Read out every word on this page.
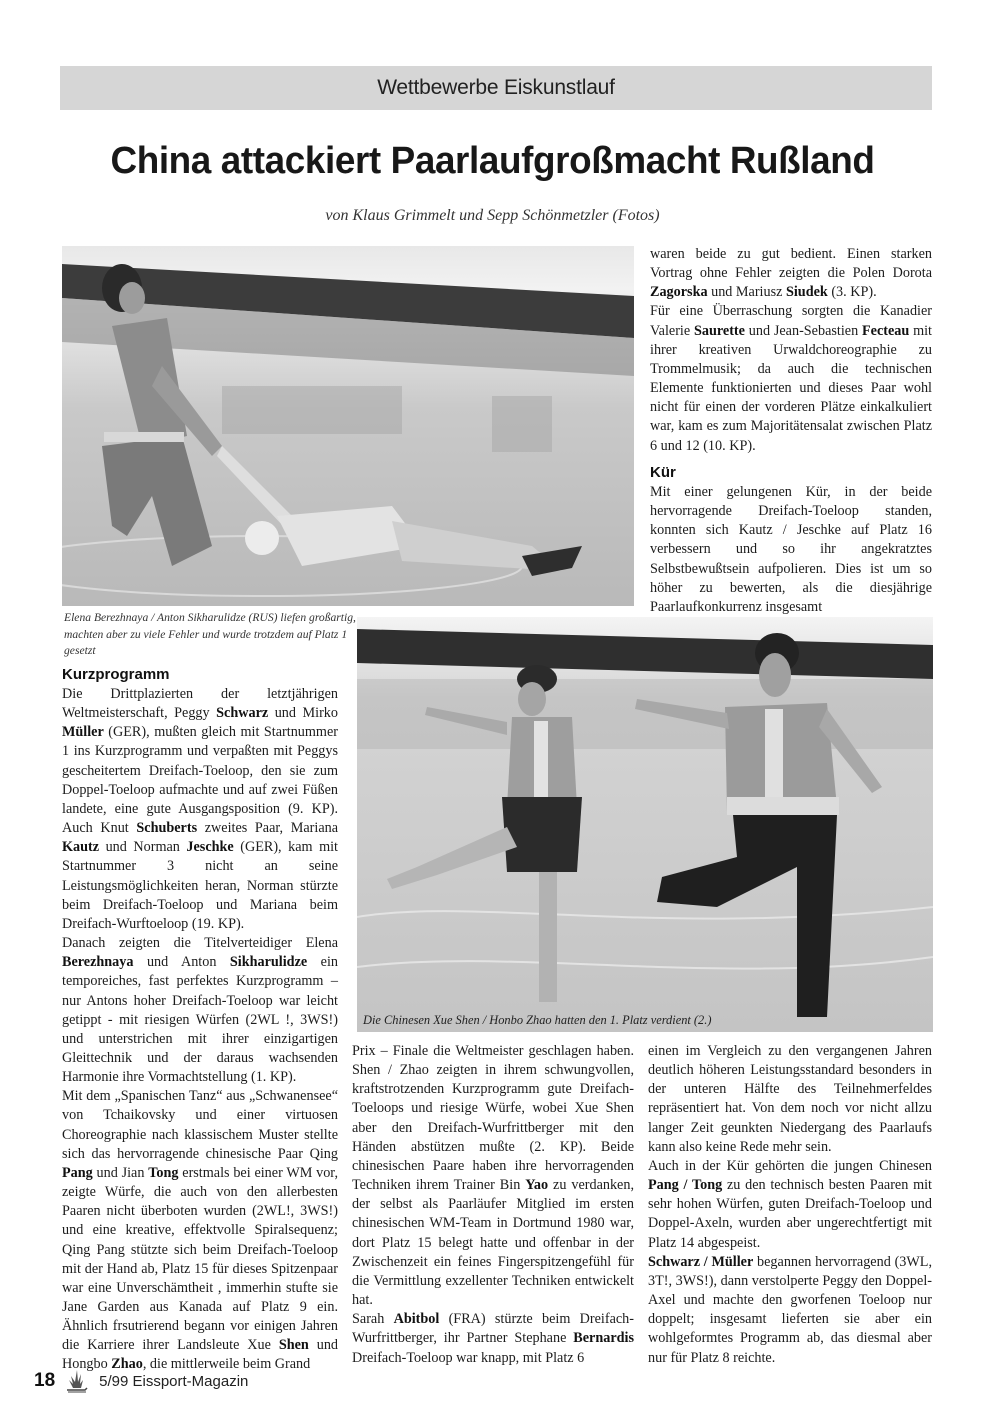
Wettbewerbe Eiskunstlauf
China attackiert Paarlaufgroßmacht Rußland
von Klaus Grimmelt und Sepp Schönmetzler (Fotos)
Elena Berezhnaya / Anton Sikharulidze (RUS) liefen großartig, machten aber zu viele Fehler und wurde trotzdem auf Platz 1 gesetzt
Die Chinesen Xue Shen / Honbo Zhao hatten den 1. Platz verdient (2.)

waren beide zu gut bedient. Einen starken Vortrag ohne Fehler zeigten die Polen Dorota Zagorska und Mariusz Siudek (3. KP).

Für eine Überraschung sorgten die Kanadier Valerie Saurette und Jean-Sebastien Fecteau mit ihrer kreativen Urwaldchoreographie zu Trommelmusik; da auch die technischen Elemente funktionierten und dieses Paar wohl nicht für einen der vorderen Plätze einkalkuliert war, kam es zum Majoritätensalat zwischen Platz 6 und 12 (10. KP).

Kür

Mit einer gelungenen Kür, in der beide hervorragende Dreifach-Toeloop standen, konnten sich Kautz / Jeschke auf Platz 16 verbessern und so ihr angekratztes Selbstbewußtsein aufpolieren. Dies ist um so höher zu bewerten, als die diesjährige Paarlaufkonkurrenz insgesamt

Kurzprogramm

Die Drittplazierten der letztjährigen Weltmeisterschaft, Peggy Schwarz und Mirko Müller (GER), mußten gleich mit Startnummer 1 ins Kurzprogramm und verpaßten mit Peggys gescheitertem Dreifach-Toeloop, den sie zum Doppel-Toeloop aufmachte und auf zwei Füßen landete, eine gute Ausgangsposition (9. KP). Auch Knut Schuberts zweites Paar, Mariana Kautz und Norman Jeschke (GER), kam mit Startnummer 3 nicht an seine Leistungsmöglichkeiten heran, Norman stürzte beim Dreifach-Toeloop und Mariana beim Dreifach-Wurftoeloop (19. KP).

Danach zeigten die Titelverteidiger Elena Berezhnaya und Anton Sikharulidze ein temporeiches, fast perfektes Kurzprogramm – nur Antons hoher Dreifach-Toeloop war leicht getippt - mit riesigen Würfen (2WL !, 3WS!) und unterstrichen mit ihrer einzigartigen Gleittechnik und der daraus wachsenden Harmonie ihre Vormachtstellung (1. KP).

Mit dem „Spanischen Tanz“ aus „Schwanensee“ von Tchaikovsky und einer virtuosen Choreographie nach klassischem Muster stellte sich das hervorragende chinesische Paar Qing Pang und Jian Tong erstmals bei einer WM vor, zeigte Würfe, die auch von den allerbesten Paaren nicht überboten wurden (2WL!, 3WS!) und eine kreative, effektvolle Spiralsequenz; Qing Pang stützte sich beim Dreifach-Toeloop mit der Hand ab, Platz 15 für dieses Spitzenpaar war eine Unverschämtheit , immerhin stufte sie Jane Garden aus Kanada auf Platz 9 ein. Ähnlich frsutrierend begann vor einigen Jahren die Karriere ihrer Landsleute Xue Shen und Hongbo Zhao, die mittlerweile beim Grand

Prix – Finale die Weltmeister geschlagen haben. Shen / Zhao zeigten in ihrem schwungvollen, kraftstrotzenden Kurzprogramm gute Dreifach-Toeloops und riesige Würfe, wobei Xue Shen aber den Dreifach-Wurfrittberger mit den Händen abstützen mußte (2. KP). Beide chinesischen Paare haben ihre hervorragenden Techniken ihrem Trainer Bin Yao zu verdanken, der selbst als Paarläufer Mitglied im ersten chinesischen WM-Team in Dortmund 1980 war, dort Platz 15 belegt hatte und offenbar in der Zwischenzeit ein feines Fingerspitzengefühl für die Vermittlung exzellenter Techniken entwickelt hat.

Sarah Abitbol (FRA) stürzte beim Dreifach-Wurfrittberger, ihr Partner Stephane Bernardis Dreifach-Toeloop war knapp, mit Platz 6

einen im Vergleich zu den vergangenen Jahren deutlich höheren Leistungsstandard besonders in der unteren Hälfte des Teilnehmerfeldes repräsentiert hat. Von dem noch vor nicht allzu langer Zeit geunkten Niedergang des Paarlaufs kann also keine Rede mehr sein.

Auch in der Kür gehörten die jungen Chinesen Pang / Tong zu den technisch besten Paaren mit sehr hohen Würfen, guten Dreifach-Toeloop und Doppel-Axeln, wurden aber ungerechtfertigt mit Platz 14 abgespeist.

Schwarz / Müller begannen hervorragend (3WL, 3T!, 3WS!), dann verstolperte Peggy den Doppel-Axel und machte den gworfenen Toeloop nur doppelt; insgesamt lieferten sie aber ein wohlgeformtes Programm ab, das diesmal aber nur für Platz 8 reichte.

18	5/99 Eissport-Magazin
